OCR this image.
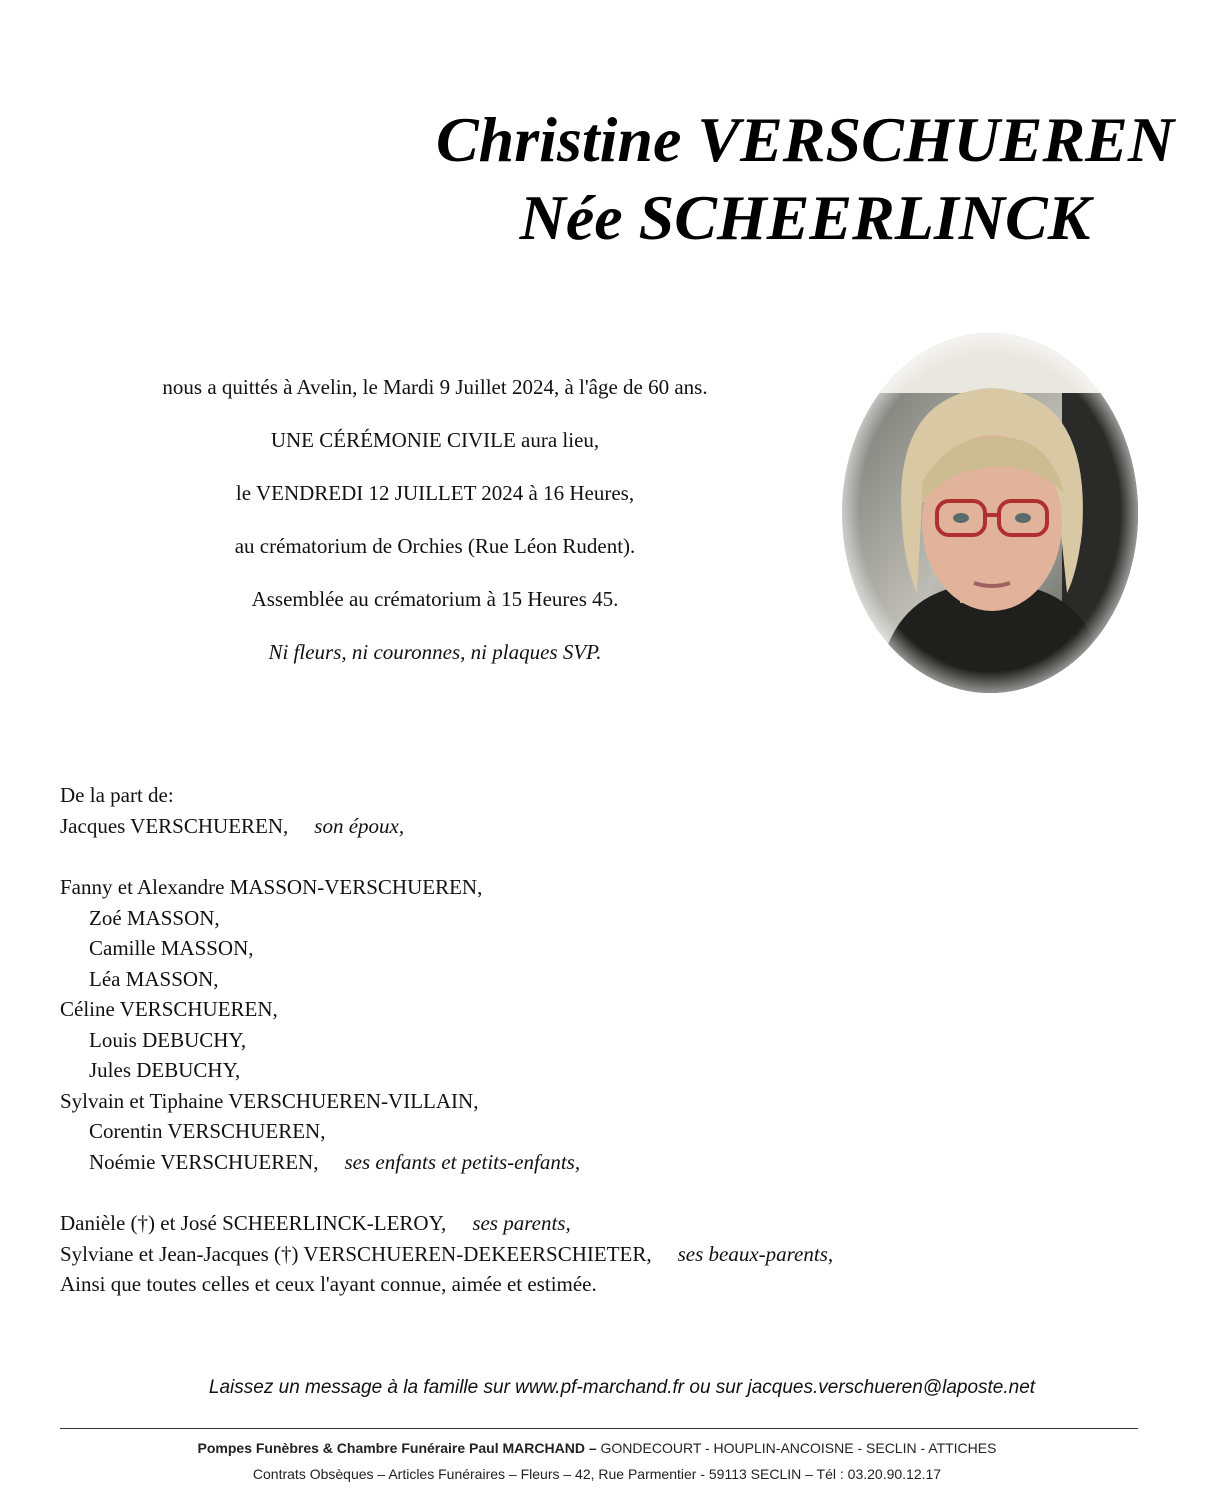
Christine VERSCHUEREN
Née SCHEERLINCK

nous a quittés à Avelin, le Mardi 9 Juillet 2024, à l'âge de 60 ans.

UNE CÉRÉMONIE CIVILE aura lieu,

le VENDREDI 12 JUILLET 2024 à 16 Heures,

au crématorium de Orchies (Rue Léon Rudent).

Assemblée au crématorium à 15 Heures 45.

Ni fleurs, ni couronnes, ni plaques SVP.

De la part de:
Jacques VERSCHUEREN, son époux,
Fanny et Alexandre MASSON-VERSCHUEREN,
Zoé MASSON,
Camille MASSON,
Léa MASSON,
Céline VERSCHUEREN,
Louis DEBUCHY,
Jules DEBUCHY,
Sylvain et Tiphaine VERSCHUEREN-VILLAIN,
Corentin VERSCHUEREN,
Noémie VERSCHUEREN, ses enfants et petits-enfants,
Danièle (†) et José SCHEERLINCK-LEROY, ses parents,
Sylviane et Jean-Jacques (†) VERSCHUEREN-DEKEERSCHIETER, ses beaux-parents,
Ainsi que toutes celles et ceux l'ayant connue, aimée et estimée.
Laissez un message à la famille sur www.pf-marchand.fr ou sur jacques.verschueren@laposte.net
Pompes Funèbres & Chambre Funéraire Paul MARCHAND – GONDECOURT - HOUPLIN-ANCOISNE - SECLIN - ATTICHES
Contrats Obsèques – Articles Funéraires – Fleurs – 42, Rue Parmentier - 59113 SECLIN – Tél : 03.20.90.12.17
